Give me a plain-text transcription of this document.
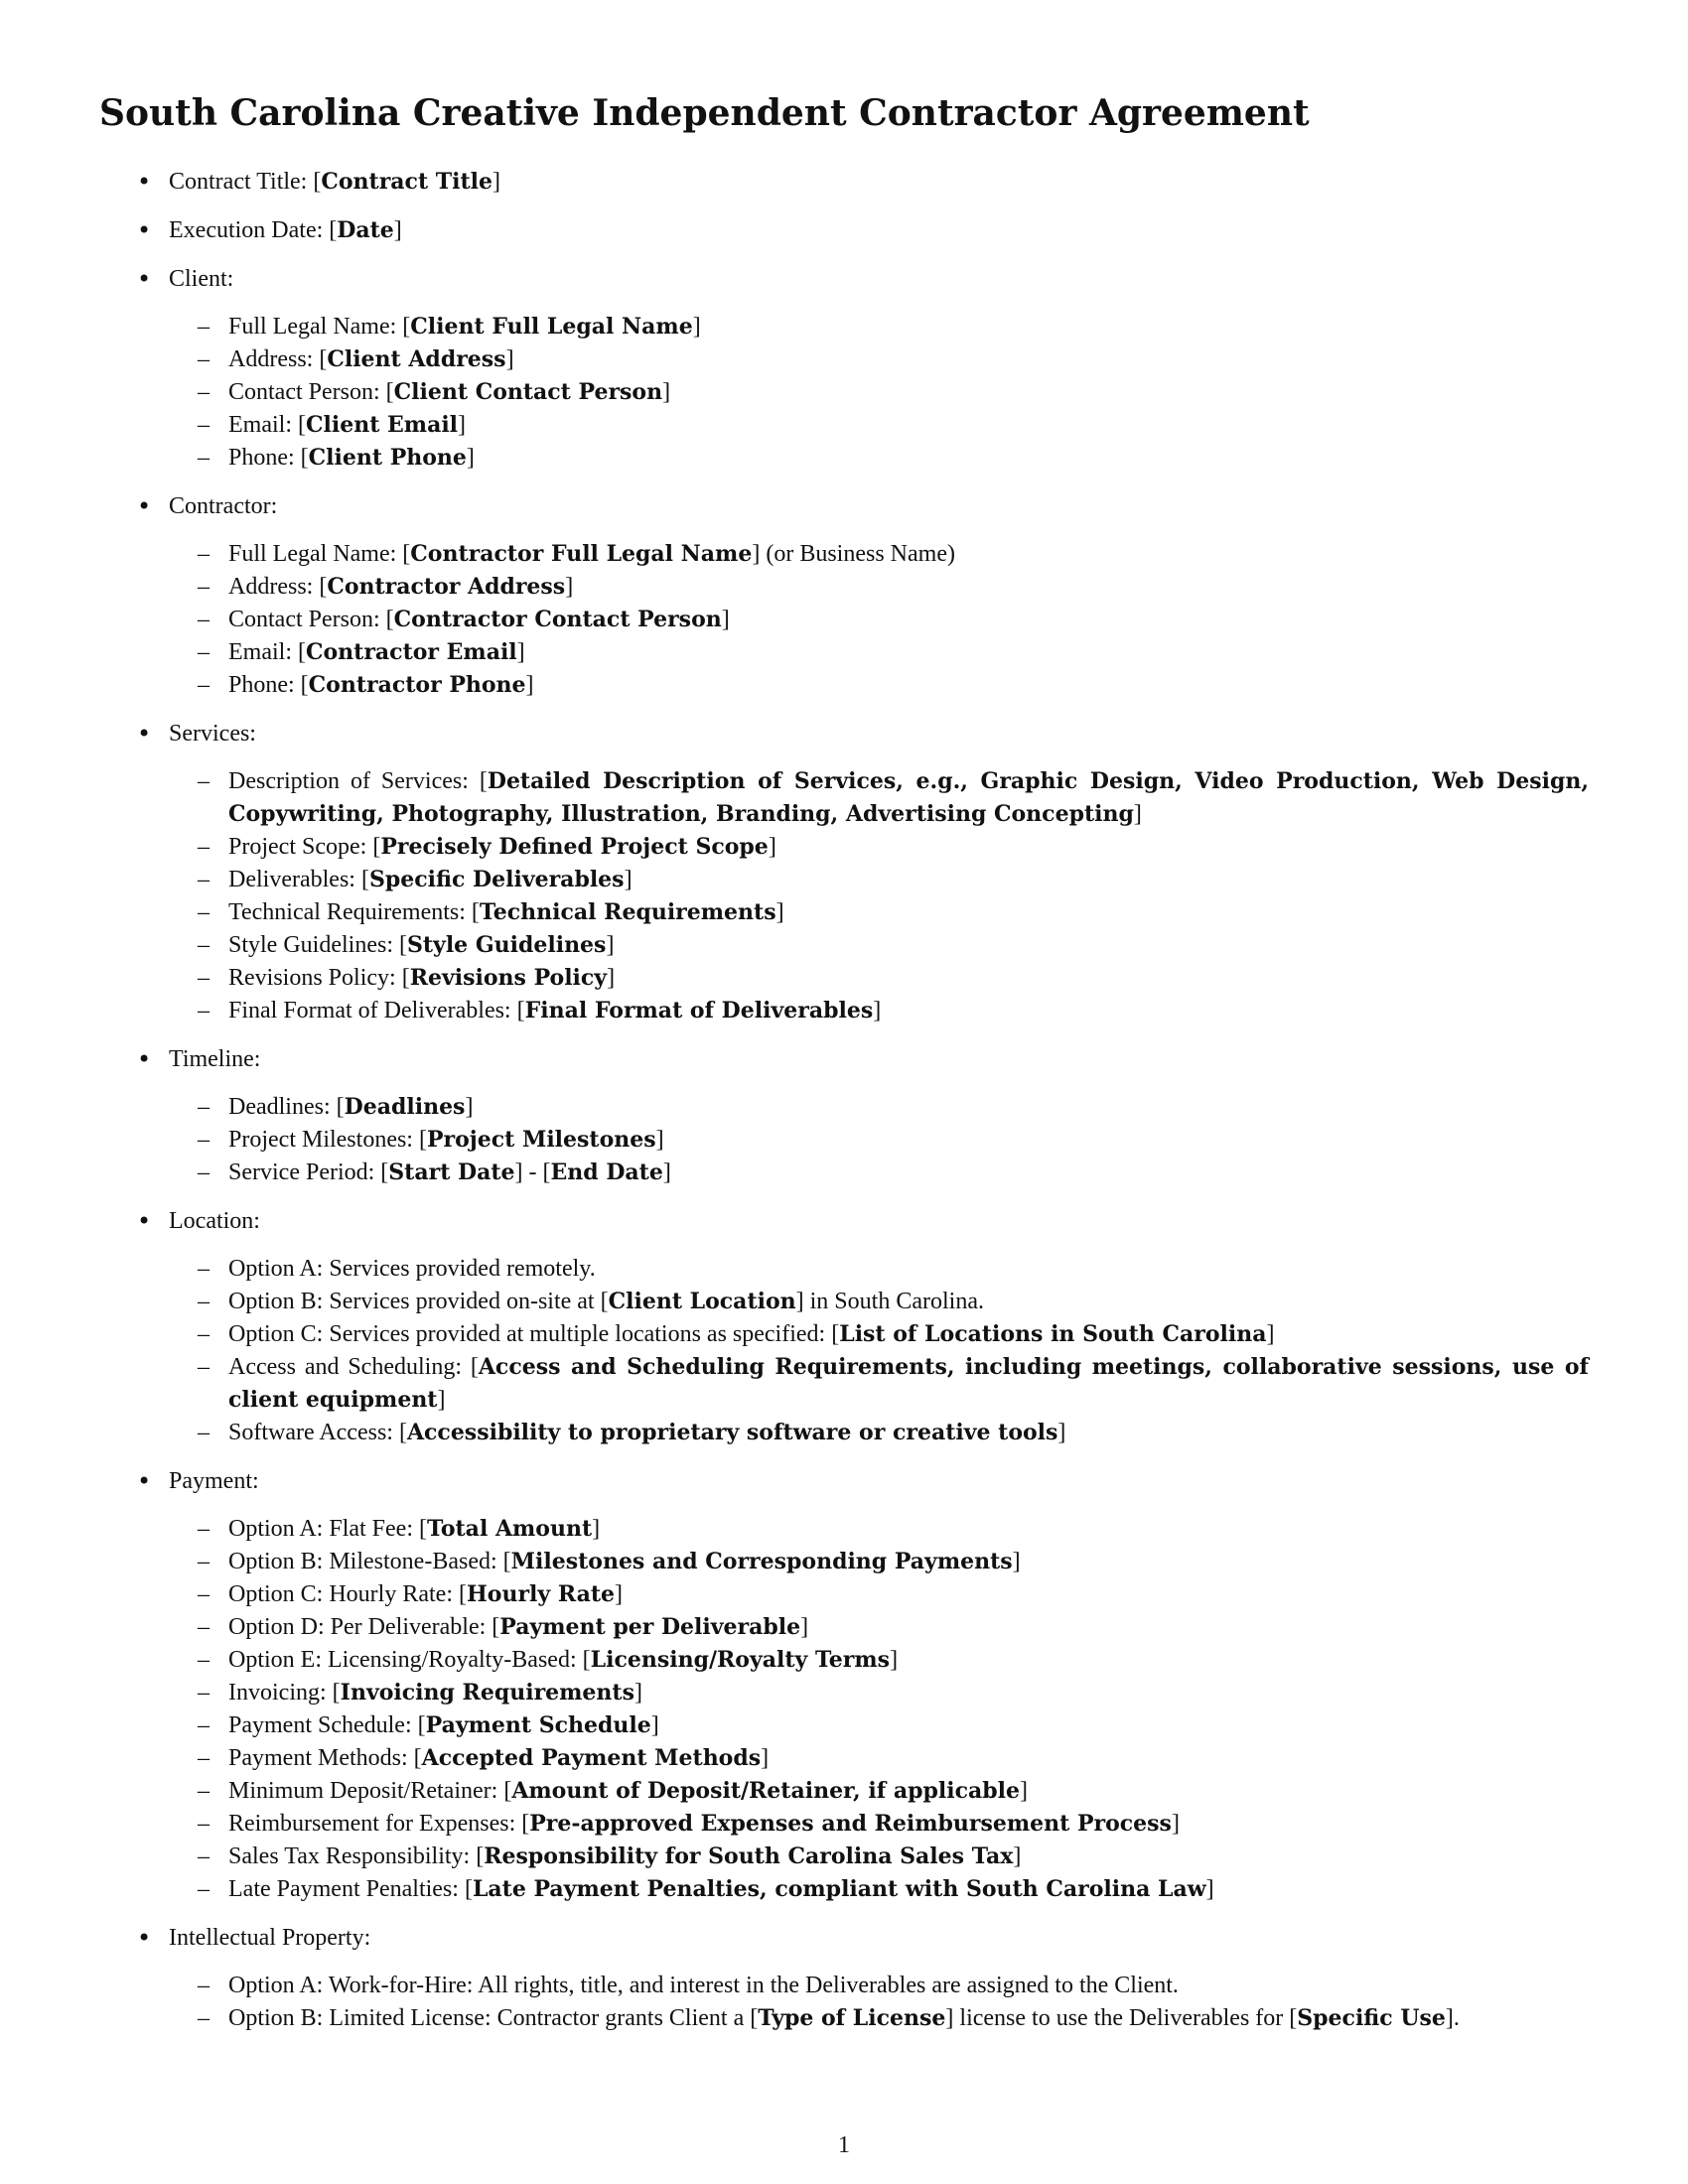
South Carolina Creative Independent Contractor Agreement
• Contract Title: [Contract Title]
• Execution Date: [Date]
• Client:
– Full Legal Name: [Client Full Legal Name]
– Address: [Client Address]
– Contact Person: [Client Contact Person]
– Email: [Client Email]
– Phone: [Client Phone]
• Contractor:
– Full Legal Name: [Contractor Full Legal Name] (or Business Name)
– Address: [Contractor Address]
– Contact Person: [Contractor Contact Person]
– Email: [Contractor Email]
– Phone: [Contractor Phone]
• Services:
– Description of Services: [Detailed Description of Services, e.g., Graphic Design, Video Production, Web Design, Copywriting, Photography, Illustration, Branding, Advertising Concepting]
– Project Scope: [Precisely Defined Project Scope]
– Deliverables: [Specific Deliverables]
– Technical Requirements: [Technical Requirements]
– Style Guidelines: [Style Guidelines]
– Revisions Policy: [Revisions Policy]
– Final Format of Deliverables: [Final Format of Deliverables]
• Timeline:
– Deadlines: [Deadlines]
– Project Milestones: [Project Milestones]
– Service Period: [Start Date] - [End Date]
• Location:
– Option A: Services provided remotely.
– Option B: Services provided on-site at [Client Location] in South Carolina.
– Option C: Services provided at multiple locations as specified: [List of Locations in South Carolina]
– Access and Scheduling: [Access and Scheduling Requirements, including meetings, collaborative sessions, use of client equipment]
– Software Access: [Accessibility to proprietary software or creative tools]
• Payment:
– Option A: Flat Fee: [Total Amount]
– Option B: Milestone-Based: [Milestones and Corresponding Payments]
– Option C: Hourly Rate: [Hourly Rate]
– Option D: Per Deliverable: [Payment per Deliverable]
– Option E: Licensing/Royalty-Based: [Licensing/Royalty Terms]
– Invoicing: [Invoicing Requirements]
– Payment Schedule: [Payment Schedule]
– Payment Methods: [Accepted Payment Methods]
– Minimum Deposit/Retainer: [Amount of Deposit/Retainer, if applicable]
– Reimbursement for Expenses: [Pre-approved Expenses and Reimbursement Process]
– Sales Tax Responsibility: [Responsibility for South Carolina Sales Tax]
– Late Payment Penalties: [Late Payment Penalties, compliant with South Carolina Law]
• Intellectual Property:
– Option A: Work-for-Hire: All rights, title, and interest in the Deliverables are assigned to the Client.
– Option B: Limited License: Contractor grants Client a [Type of License] license to use the Deliverables for [Specific Use].
1
